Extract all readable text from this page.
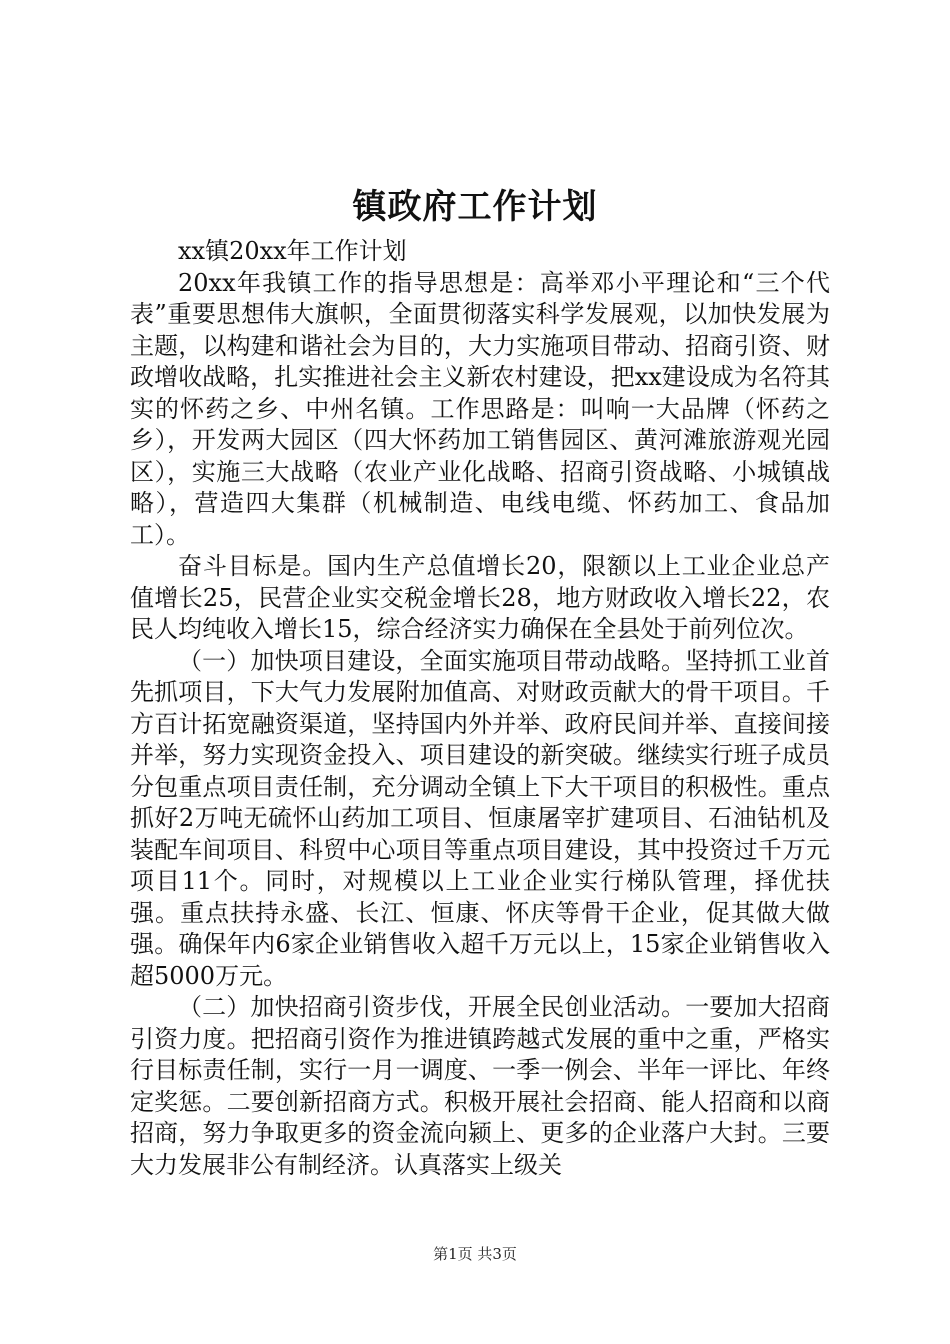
镇政府工作计划

xx镇20xx年工作计划

20xx年我镇工作的指导思想是：高举邓小平理论和“三个代表”重要思想伟大旗帜，全面贯彻落实科学发展观，以加快发展为主题，以构建和谐社会为目的，大力实施项目带动、招商引资、财政增收战略，扎实推进社会主义新农村建设，把xx建设成为名符其实的怀药之乡、中州名镇。工作思路是：叫响一大品牌（怀药之乡），开发两大园区（四大怀药加工销售园区、黄河滩旅游观光园区），实施三大战略（农业产业化战略、招商引资战略、小城镇战略），营造四大集群（机械制造、电线电缆、怀药加工、食品加工）。

奋斗目标是。国内生产总值增长20，限额以上工业企业总产值增长25，民营企业实交税金增长28，地方财政收入增长22，农民人均纯收入增长15，综合经济实力确保在全县处于前列位次。

（一）加快项目建设，全面实施项目带动战略。坚持抓工业首先抓项目，下大气力发展附加值高、对财政贡献大的骨干项目。千方百计拓宽融资渠道，坚持国内外并举、政府民间并举、直接间接并举，努力实现资金投入、项目建设的新突破。继续实行班子成员分包重点项目责任制，充分调动全镇上下大干项目的积极性。重点抓好2万吨无硫怀山药加工项目、恒康屠宰扩建项目、石油钻机及装配车间项目、科贸中心项目等重点项目建设，其中投资过千万元项目11个。同时，对规模以上工业企业实行梯队管理，择优扶强。重点扶持永盛、长江、恒康、怀庆等骨干企业，促其做大做强。确保年内6家企业销售收入超千万元以上，15家企业销售收入超5000万元。

（二）加快招商引资步伐，开展全民创业活动。一要加大招商引资力度。把招商引资作为推进镇跨越式发展的重中之重，严格实行目标责任制，实行一月一调度、一季一例会、半年一评比、年终定奖惩。二要创新招商方式。积极开展社会招商、能人招商和以商招商，努力争取更多的资金流向颍上、更多的企业落户大封。三要大力发展非公有制经济。认真落实上级关

第1页 共3页
